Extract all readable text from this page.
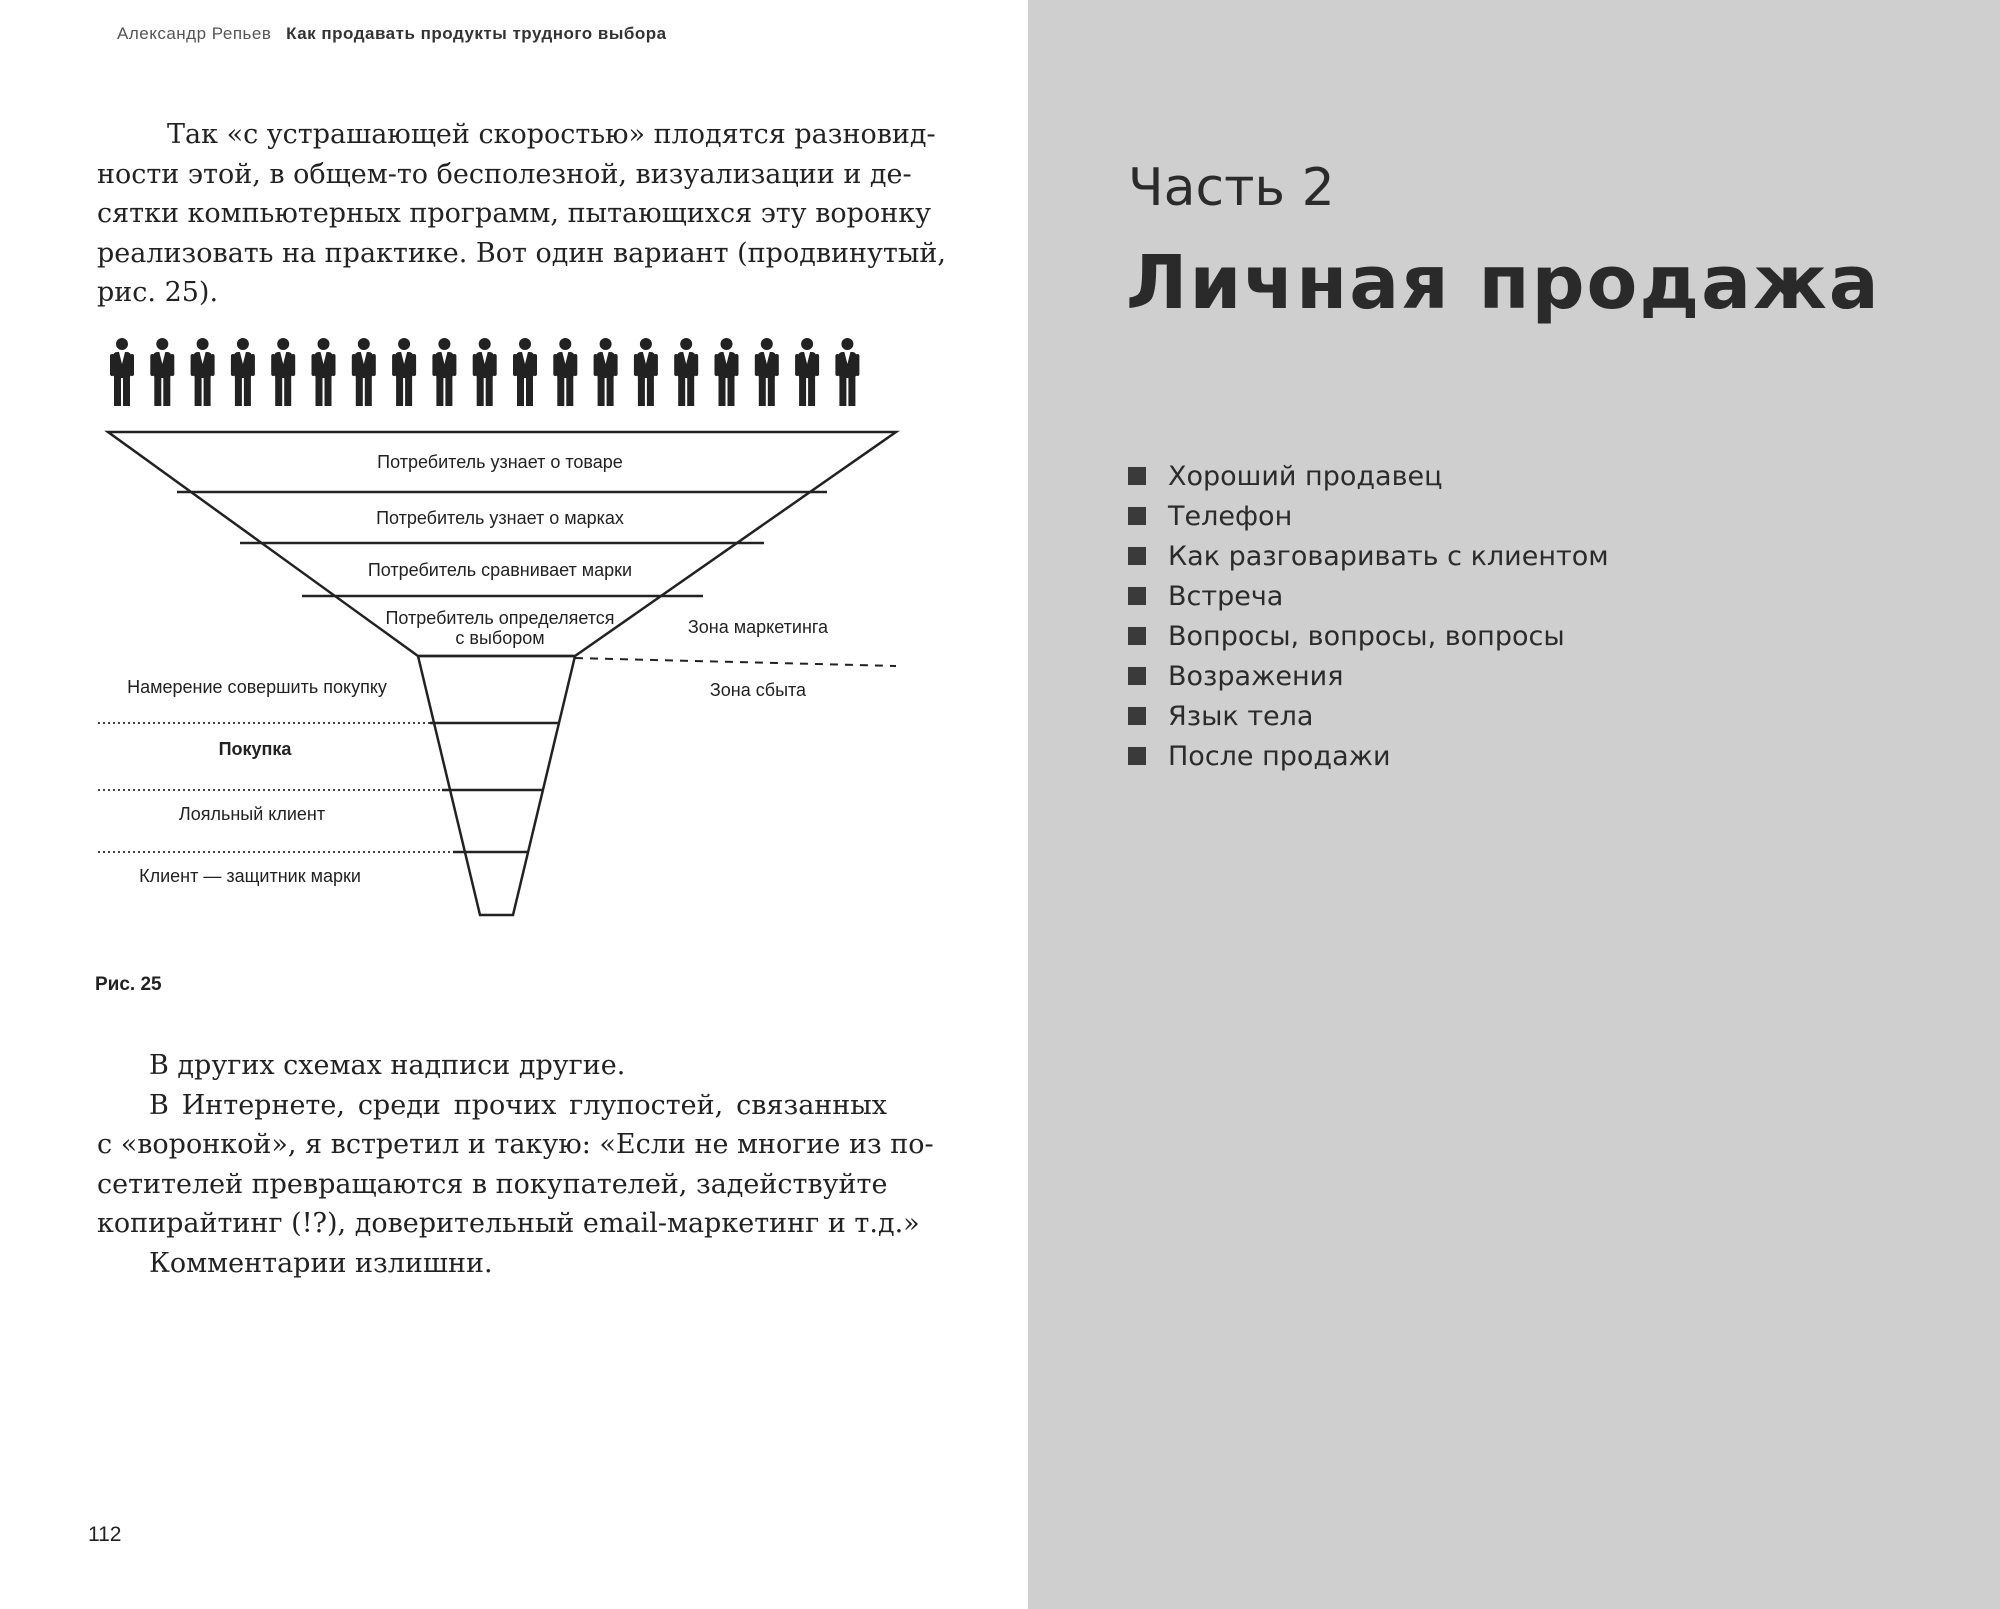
Александр Репьев Как продавать продукты трудного выбора
Так «с устрашающей скоростью» плодятся разновид-
ности этой, в общем-то бесполезной, визуализации и де-
сятки компьютерных программ, пытающихся эту воронку
реализовать на практике. Вот один вариант (продвинутый,
рис. 25).
Потребитель узнает о товаре
Потребитель узнает о марках
Потребитель сравнивает марки
Потребитель определяется
с выбором
Зона маркетинга
Зона сбыта
Намерение совершить покупку
Покупка
Лояльный клиент
Клиент — защитник марки
Рис. 25
В других схемах надписи другие.
В Интернете, среди прочих глупостей, связанных
с «воронкой», я встретил и такую: «Если не многие из по-
сетителей превращаются в покупателей, задействуйте
копирайтинг (!?), доверительный email-маркетинг и т.д.»
Комментарии излишни.
112
Часть 2
Личная продажа
Хороший продавец
Телефон
Как разговаривать с клиентом
Встреча
Вопросы, вопросы, вопросы
Возражения
Язык тела
После продажи
